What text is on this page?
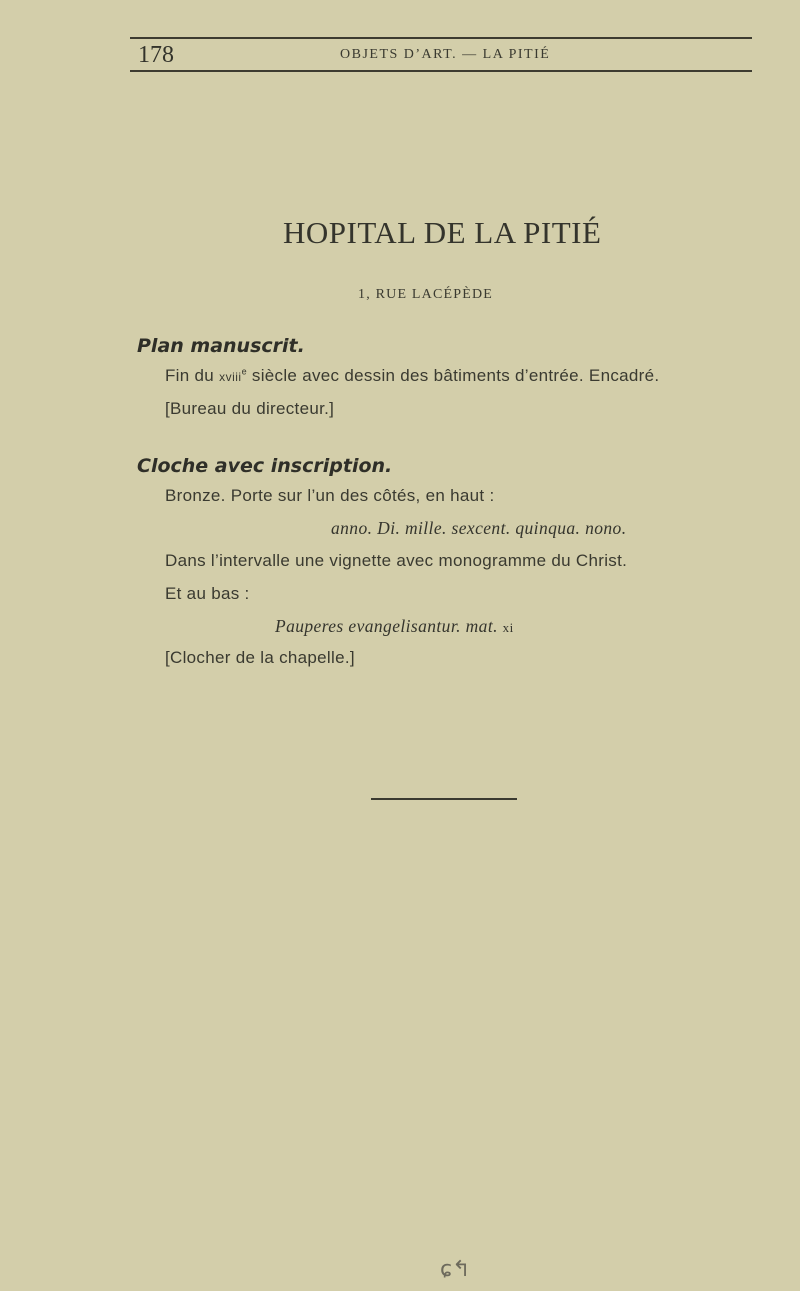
178	OBJETS D’ART. — LA PITIÉ
HOPITAL DE LA PITIÉ
1, RUE LACÉPÈDE
Plan manuscrit.
Fin du xviii$^e$ siècle avec dessin des bâtiments d’entrée. Encadré.
[Bureau du directeur.]
Cloche avec inscription.
Bronze. Porte sur l’un des côtés, en haut :
anno. Di. mille. sexcent. quinqua. nono.
Dans l’intervalle une vignette avec monogramme du Christ.
Et au bas :
Pauperes evangelisantur. mat. xi
[Clocher de la chapelle.]
ɕ↰
